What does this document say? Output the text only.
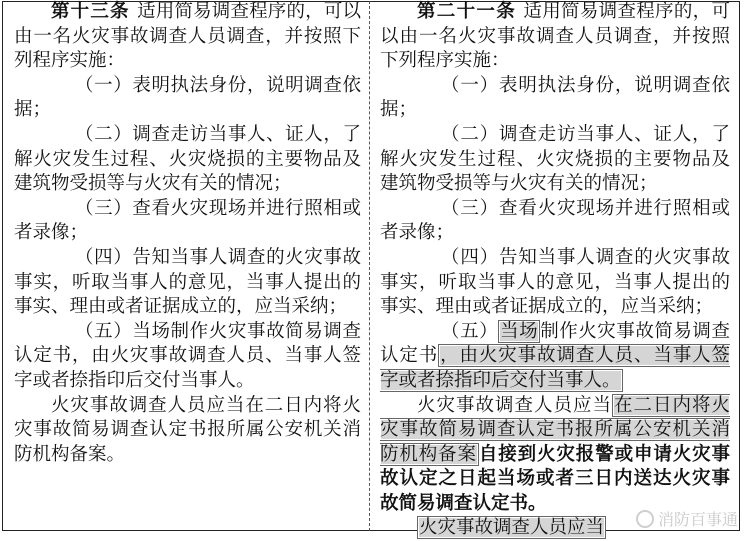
第十三条 适用简易调查程序的，可以由一名火灾事故调查人员调查，并按照下列程序实施：

（一）表明执法身份，说明调查依据；

（二）调查走访当事人、证人，了解火灾发生过程、火灾烧损的主要物品及建筑物受损等与火灾有关的情况；

（三）查看火灾现场并进行照相或者录像；

（四）告知当事人调查的火灾事故事实，听取当事人的意见，当事人提出的事实、理由或者证据成立的，应当采纳；

（五）当场制作火灾事故简易调查认定书，由火灾事故调查人员、当事人签字或者捺指印后交付当事人。

火灾事故调查人员应当在二日内将火灾事故简易调查认定书报所属公安机关消防机构备案。

第二十一条 适用简易调查程序的，可以由一名火灾事故调查人员调查，并按照下列程序实施：

（一）表明执法身份，说明调查依据；

（二）调查走访当事人、证人，了解火灾发生过程、火灾烧损的主要物品及建筑物受损等与火灾有关的情况；

（三）查看火灾现场并进行照相或者录像；

（四）告知当事人调查的火灾事故事实，听取当事人的意见，当事人提出的事实、理由或者证据成立的，应当采纳；

（五） 当场 制作火灾事故简易调查认定书 ，由火灾事故调查人员、当事人签字或者捺指印后交付当事人。

火灾事故调查人员应当 在二日内将火灾事故简易调查认定书报所属公安机关消防机构备案 自接到火灾报警或申请火灾事故认定之日起当场或者三日内送达火灾事故简易调查认定书。

火灾事故调查人员应当	消防百事通
